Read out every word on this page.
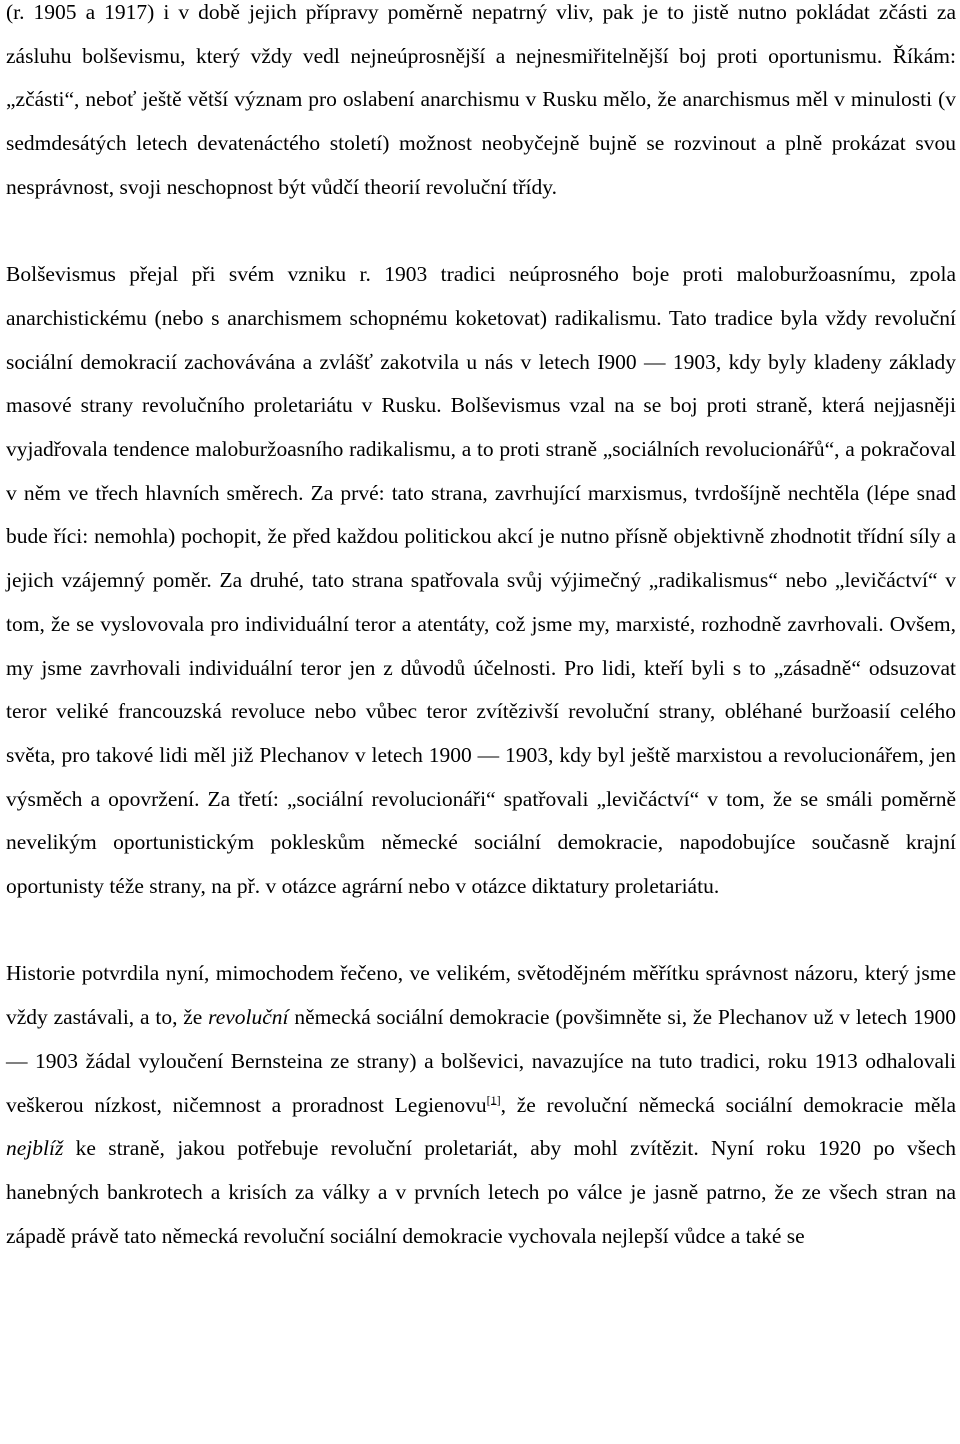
(r. 1905 a 1917) i v době jejich přípravy poměrně nepatrný vliv, pak je to jistě nutno pokládat zčásti za zásluhu bolševismu, který vždy vedl nejneúprosnější a nejnesmiřitelnější boj proti oportunismu. Říkám: „zčásti“, neboť ještě větší význam pro oslabení anarchismu v Rusku mělo, že anarchismus měl v minulosti (v sedmdesátých letech devatenáctého století) možnost neobyčejně bujně se rozvinout a plně prokázat svou nesprávnost, svoji neschopnost být vůdčí theorií revoluční třídy.

Bolševismus přejal při svém vzniku r. 1903 tradici neúprosného boje proti maloburžoasnímu, zpola anarchistickému (nebo s anarchismem schopnému koketovat) radikalismu. Tato tradice byla vždy revoluční sociální demokracií zachovávána a zvlášť zakotvila u nás v letech I900 — 1903, kdy byly kladeny základy masové strany revolučního proletariátu v Rusku. Bolševismus vzal na se boj proti straně, která nejjasněji vyjadřovala tendence maloburžoasního radikalismu, a to proti straně „sociálních revolucionářů“, a pokračoval v něm ve třech hlavních směrech. Za prvé: tato strana, zavrhující marxismus, tvrdošíjně nechtěla (lépe snad bude říci: nemohla) pochopit, že před každou politickou akcí je nutno přísně objektivně zhodnotit třídní síly a jejich vzájemný poměr. Za druhé, tato strana spatřovala svůj výjimečný „radikalismus“ nebo „levičáctví“ v tom, že se vyslovovala pro individuální teror a atentáty, což jsme my, marxisté, rozhodně zavrhovali. Ovšem, my jsme zavrhovali individuální teror jen z důvodů účelnosti. Pro lidi, kteří byli s to „zásadně“ odsuzovat teror veliké francouzská revoluce nebo vůbec teror zvítězivší revoluční strany, obléhané buržoasií celého světa, pro takové lidi měl již Plechanov v letech 1900 — 1903, kdy byl ještě marxistou a revolucionářem, jen výsměch a opovržení. Za třetí: „sociální revolucionáři“ spatřovali „levičáctví“ v tom, že se smáli poměrně nevelikým oportunistickým pokleskům německé sociální demokracie, napodobujíce současně krajní oportunisty téže strany, na př. v otázce agrární nebo v otázce diktatury proletariátu.

Historie potvrdila nyní, mimochodem řečeno, ve velikém, světodějném měřítku správnost názoru, který jsme vždy zastávali, a to, že revoluční německá sociální demokracie (povšimněte si, že Plechanov už v letech 1900 — 1903 žádal vyloučení Bernsteina ze strany) a bolševici, navazujíce na tuto tradici, roku 1913 odhalovali veškerou nízkost, ničemnost a proradnost Legienovu[1], že revoluční německá sociální demokracie měla nejblíž ke straně, jakou potřebuje revoluční proletariát, aby mohl zvítězit. Nyní roku 1920 po všech hanebných bankrotech a krisích za války a v prvních letech po válce je jasně patrno, že ze všech stran na západě právě tato německá revoluční sociální demokracie vychovala nejlepší vůdce a také se
